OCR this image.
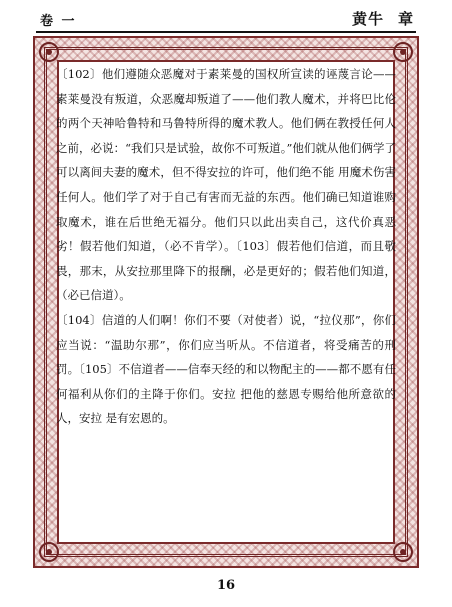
卷 一	黄牛 章

〔102〕他们遵随众恶魔对于素莱曼的国权所宣读的诬蔑言论——素莱曼没有叛道，众恶魔却叛道了——他们教人魔术，并将巴比伦的两个天神哈鲁特和马鲁特所得的魔术教人。他们俩在教授任何人之前，必说：“我们只是试验，故你不可叛道。”他们就从他们俩学了可以离间夫妻的魔术，但不得安拉的许可，他们绝不能 用魔术伤害任何人。他们学了对于自己有害而无益的东西。他们确已知道谁购取魔术，谁在后世绝无福分。他们只以此出卖自己，这代价真恶劣！假若他们知道，（必不肯学）。〔103〕假若他们信道，而且敬畏，那末，从安拉那里降下的报酬，必是更好的；假若他们知道，（必已信道）。

〔104〕信道的人们啊！你们不要（对使者）说，“拉仪那”，你们应当说：“温助尔那”，你们应当听从。不信道者，将受痛苦的刑罚。〔105〕不信道者——信奉天经的和以物配主的——都不愿有任何福利从你们的主降于你们。安拉 把他的慈恩专赐给他所意欲的人，安拉 是有宏恩的。

16
